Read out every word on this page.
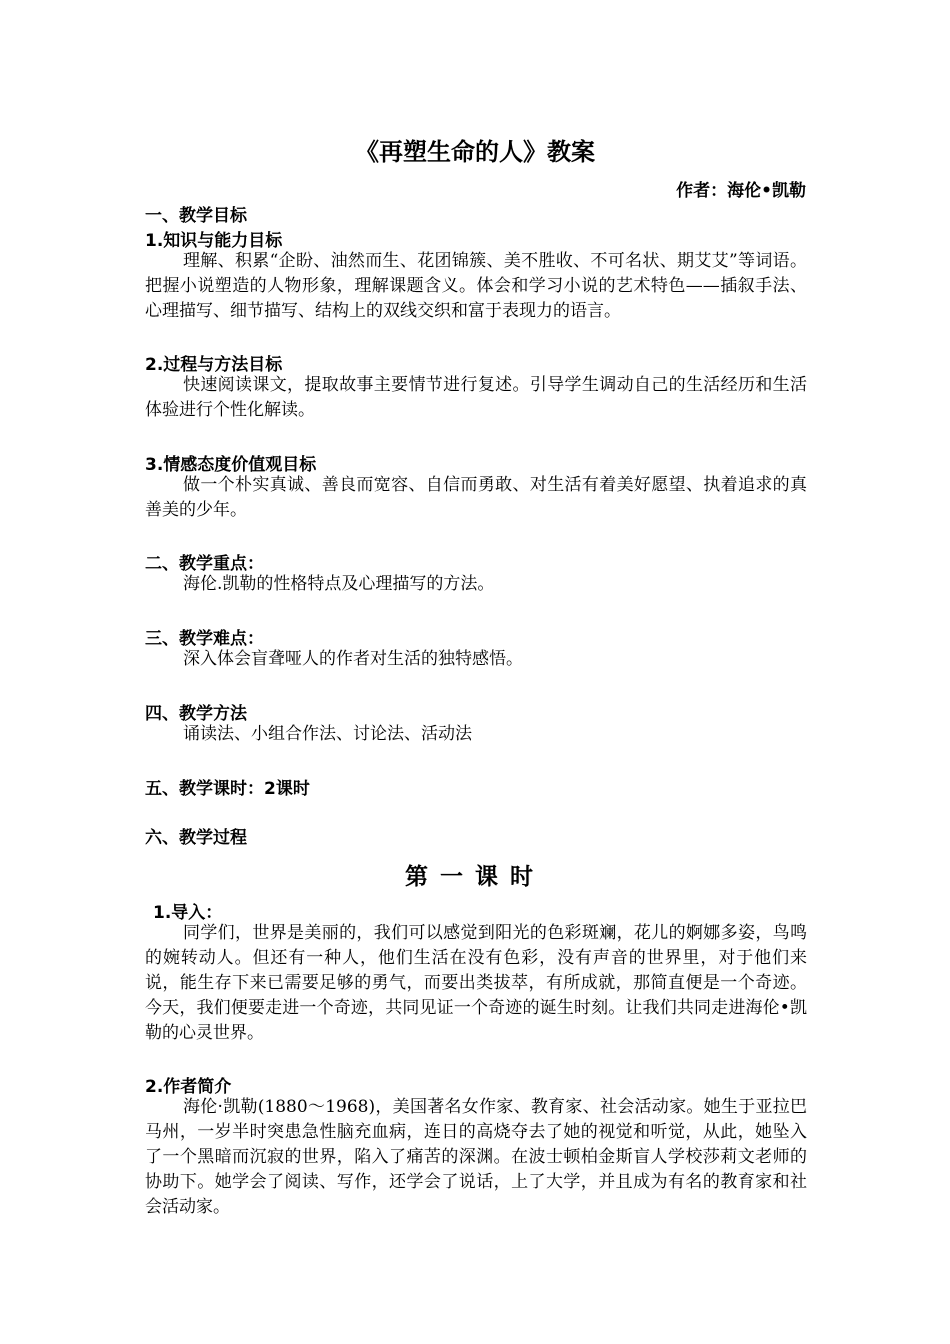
《再塑生命的人》教案
作者：海伦•凯勒
一、教学目标
1.知识与能力目标
理解、积累“企盼、油然而生、花团锦簇、美不胜收、不可名状、期艾艾”等词语。把握小说塑造的人物形象，理解课题含义。体会和学习小说的艺术特色——插叙手法、心理描写、细节描写、结构上的双线交织和富于表现力的语言。
2.过程与方法目标
快速阅读课文，提取故事主要情节进行复述。引导学生调动自己的生活经历和生活体验进行个性化解读。
3.情感态度价值观目标
做一个朴实真诚、善良而宽容、自信而勇敢、对生活有着美好愿望、执着追求的真善美的少年。
二、教学重点：
海伦.凯勒的性格特点及心理描写的方法。
三、教学难点：
深入体会盲聋哑人的作者对生活的独特感悟。
四、教学方法
诵读法、小组合作法、讨论法、活动法
五、教学课时：2课时
六、教学过程
第一课时
1.导入：
同学们，世界是美丽的，我们可以感觉到阳光的色彩斑斓，花儿的婀娜多姿，鸟鸣的婉转动人。但还有一种人，他们生活在没有色彩，没有声音的世界里，对于他们来说，能生存下来已需要足够的勇气，而要出类拔萃，有所成就，那简直便是一个奇迹。今天，我们便要走进一个奇迹，共同见证一个奇迹的诞生时刻。让我们共同走进海伦•凯勒的心灵世界。
2.作者简介
海伦·凯勒(1880～1968)，美国著名女作家、教育家、社会活动家。她生于亚拉巴马州，一岁半时突患急性脑充血病，连日的高烧夺去了她的视觉和听觉，从此，她坠入了一个黑暗而沉寂的世界，陷入了痛苦的深渊。在波士顿柏金斯盲人学校莎莉文老师的协助下。她学会了阅读、写作，还学会了说话，上了大学，并且成为有名的教育家和社会活动家。
